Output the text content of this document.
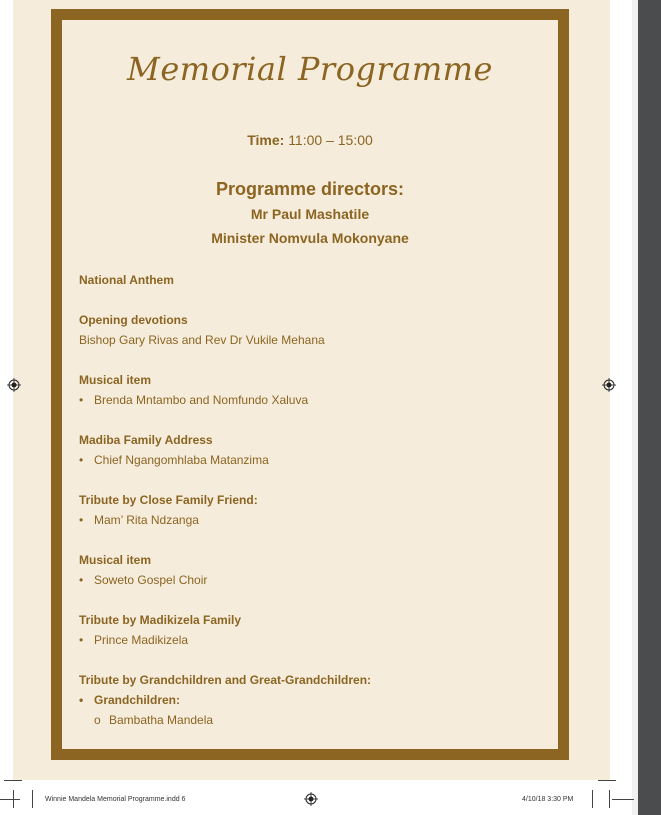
Memorial Programme
Time: 11:00 – 15:00
Programme directors:
Mr Paul Mashatile
Minister Nomvula Mokonyane
National Anthem
Opening devotions
Bishop Gary Rivas and Rev Dr Vukile Mehana
Musical item
• Brenda Mntambo and Nomfundo Xaluva
Madiba Family Address
• Chief Ngangomhlaba Matanzima
Tribute by Close Family Friend:
• Mam’ Rita Ndzanga
Musical item
• Soweto Gospel Choir
Tribute by Madikizela Family
• Prince Madikizela
Tribute by Grandchildren and Great-Grandchildren:
• Grandchildren:
o Bambatha Mandela
Winnie Mandela Memorial Programme.indd 6	4/10/18 3:30 PM
